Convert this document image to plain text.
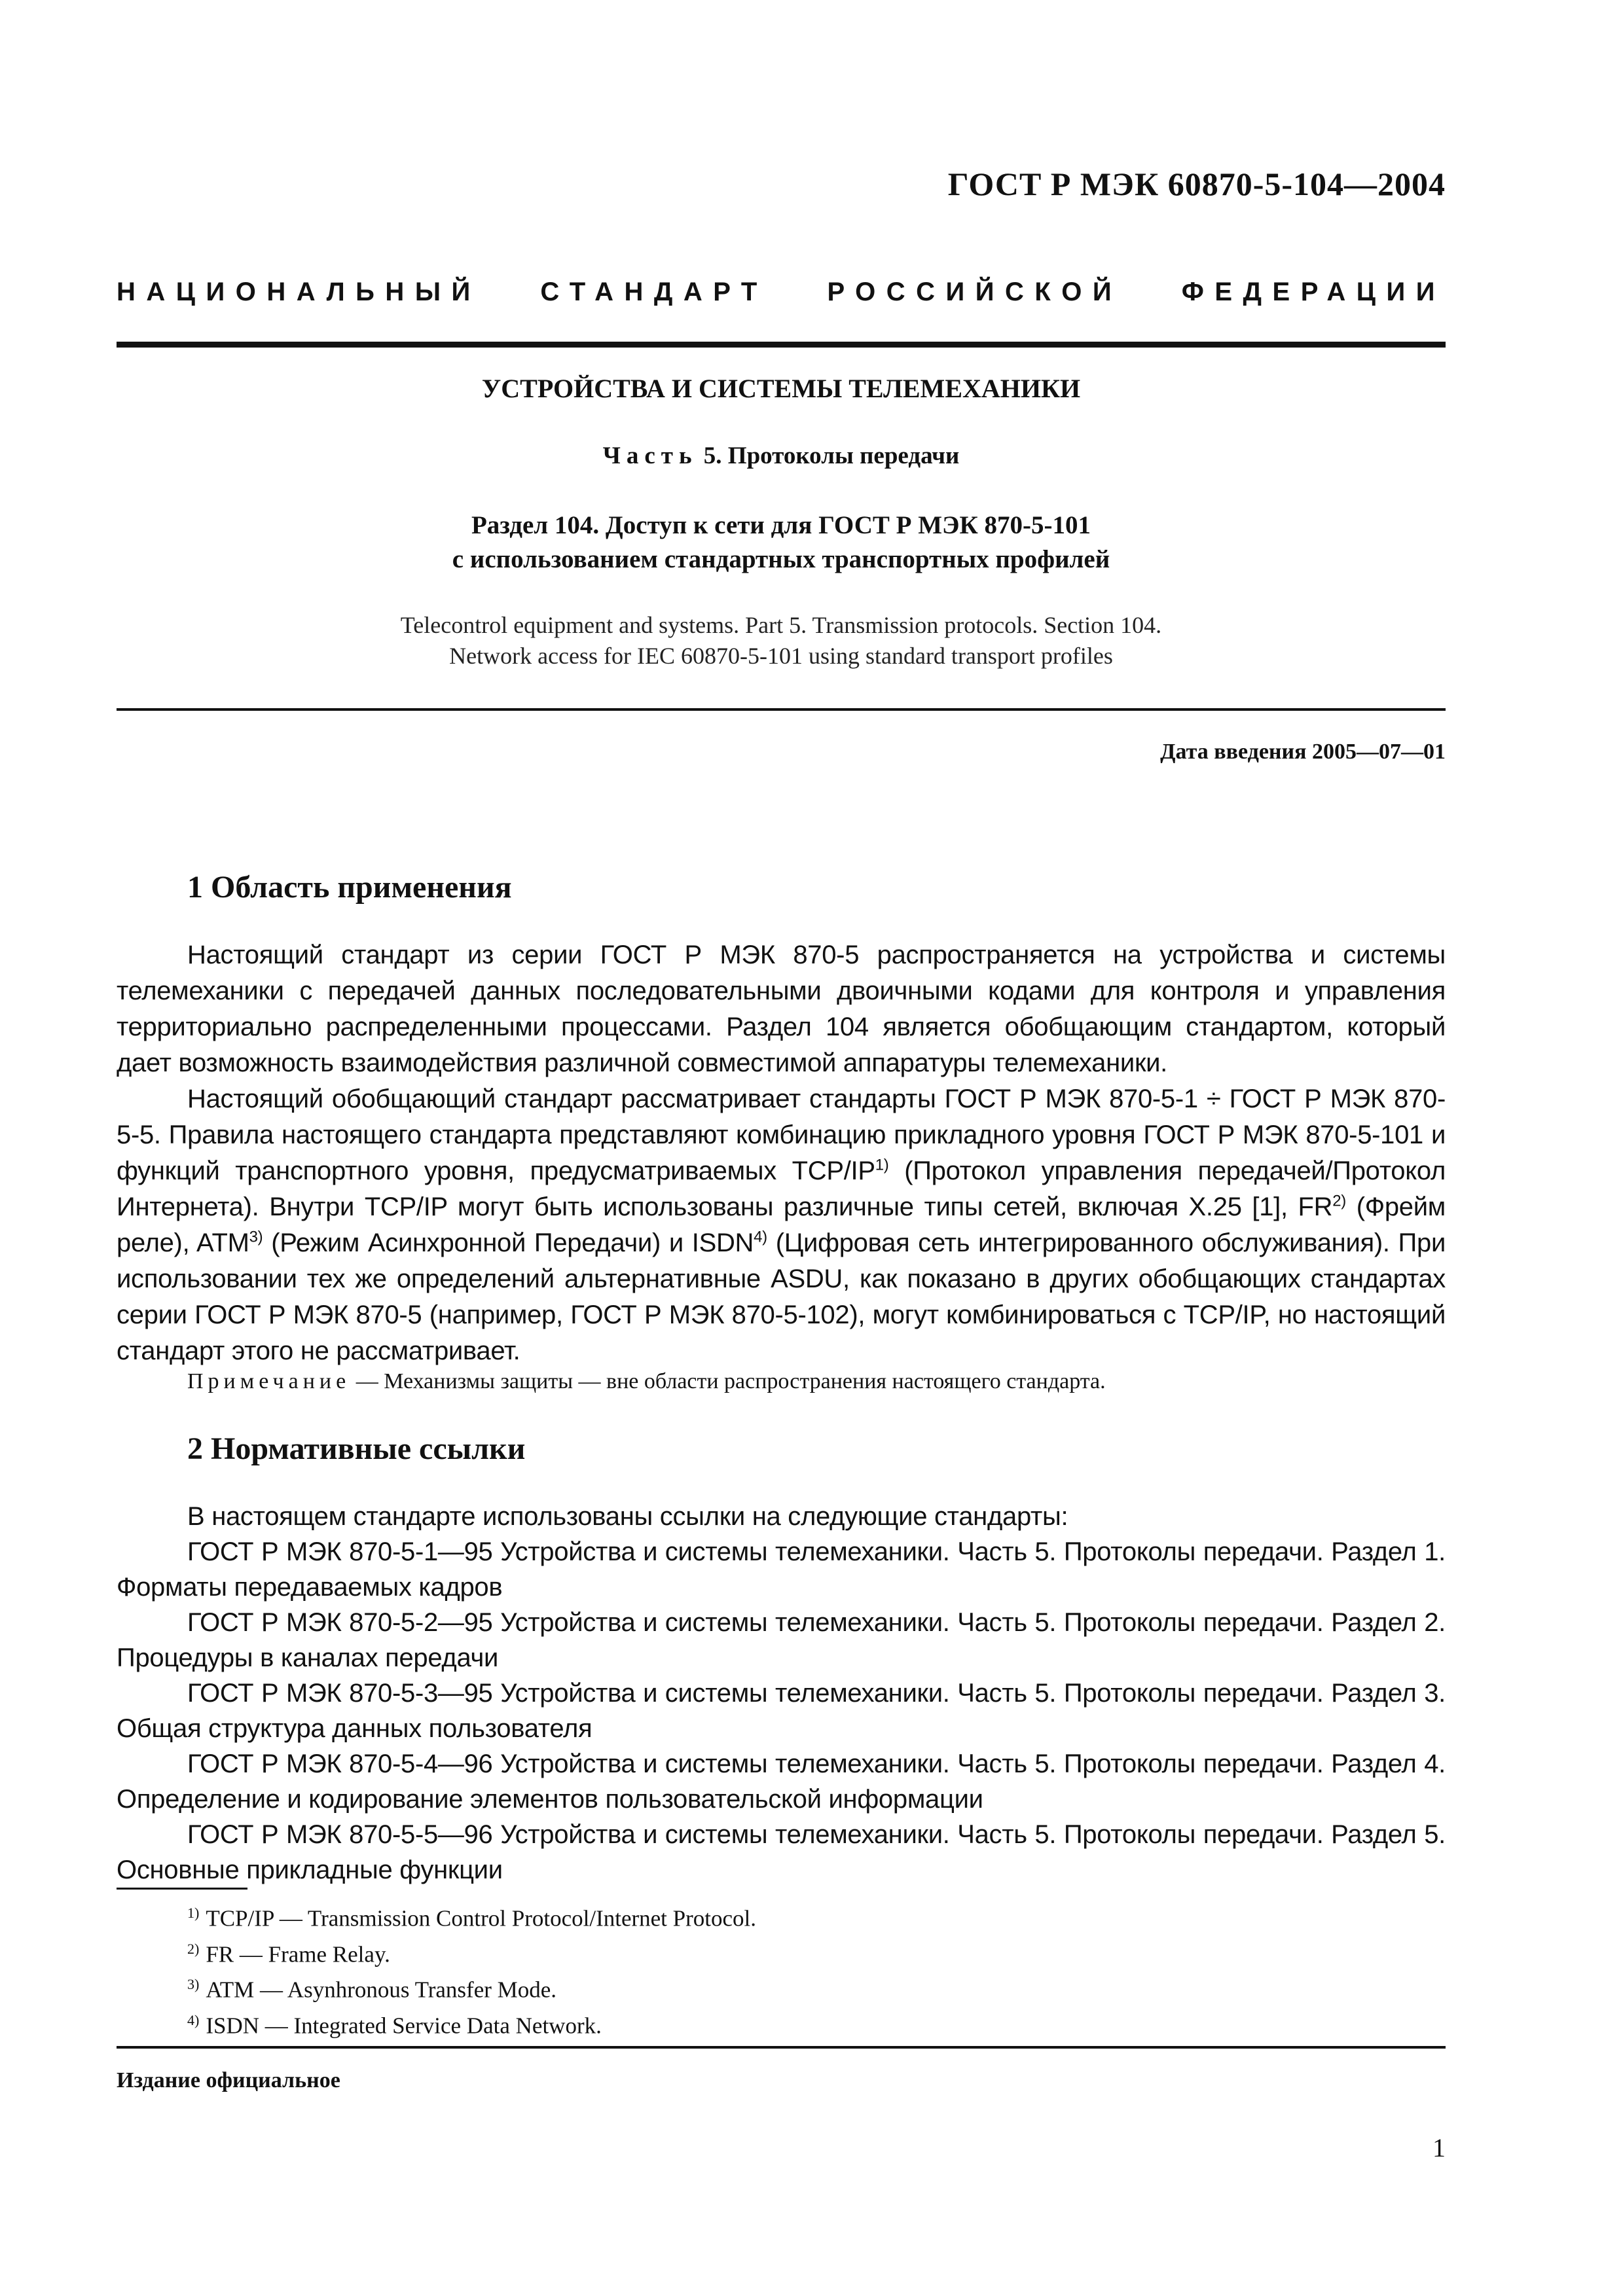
ГОСТ Р МЭК 60870-5-104—2004
НАЦИОНАЛЬНЫЙ СТАНДАРТ РОССИЙСКОЙ ФЕДЕРАЦИИ
УСТРОЙСТВА И СИСТЕМЫ ТЕЛЕМЕХАНИКИ
Часть 5. Протоколы передачи
Раздел 104. Доступ к сети для ГОСТ Р МЭК 870-5-101
с использованием стандартных транспортных профилей
Telecontrol equipment and systems. Part 5. Transmission protocols. Section 104.
Network access for IEC 60870-5-101 using standard transport profiles
Дата введения 2005—07—01
1 Область применения

Настоящий стандарт из серии ГОСТ Р МЭК 870-5 распространяется на устройства и системы телемеханики с передачей данных последовательными двоичными кодами для контроля и управления территориально распределенными процессами. Раздел 104 является обобщающим стандартом, который дает возможность взаимодействия различной совместимой аппаратуры телемеханики.

Настоящий обобщающий стандарт рассматривает стандарты ГОСТ Р МЭК 870-5-1 ÷ ГОСТ Р МЭК 870-5-5. Правила настоящего стандарта представляют комбинацию прикладного уровня ГОСТ Р МЭК 870-5-101 и функций транспортного уровня, предусматриваемых TCP/IP$^{1)}$ (Протокол управления передачей/Протокол Интернета). Внутри TCP/IP могут быть использованы различные типы сетей, включая X.25 [1], FR$^{2)}$ (Фрейм реле), ATM$^{3)}$ (Режим Асинхронной Передачи) и ISDN$^{4)}$ (Цифровая сеть интегрированного обслуживания). При использовании тех же определений альтернативные ASDU, как показано в других обобщающих стандартах серии ГОСТ Р МЭК 870-5 (например, ГОСТ Р МЭК 870-5-102), могут комбинироваться с TCP/IP, но настоящий стандарт этого не рассматривает.

Примечание — Механизмы защиты — вне области распространения настоящего стандарта.
2 Нормативные ссылки

В настоящем стандарте использованы ссылки на следующие стандарты:

ГОСТ Р МЭК 870-5-1—95 Устройства и системы телемеханики. Часть 5. Протоколы передачи. Раздел 1. Форматы передаваемых кадров

ГОСТ Р МЭК 870-5-2—95 Устройства и системы телемеханики. Часть 5. Протоколы передачи. Раздел 2. Процедуры в каналах передачи

ГОСТ Р МЭК 870-5-3—95 Устройства и системы телемеханики. Часть 5. Протоколы передачи. Раздел 3. Общая структура данных пользователя

ГОСТ Р МЭК 870-5-4—96 Устройства и системы телемеханики. Часть 5. Протоколы передачи. Раздел 4. Определение и кодирование элементов пользовательской информации

ГОСТ Р МЭК 870-5-5—96 Устройства и системы телемеханики. Часть 5. Протоколы передачи. Раздел 5. Основные прикладные функции

$^{1)}$ TCP/IP — Transmission Control Protocol/Internet Protocol.
$^{2)}$ FR — Frame Relay.
$^{3)}$ ATM — Asynhronous Transfer Mode.
$^{4)}$ ISDN — Integrated Service Data Network.
Издание официальное
1
